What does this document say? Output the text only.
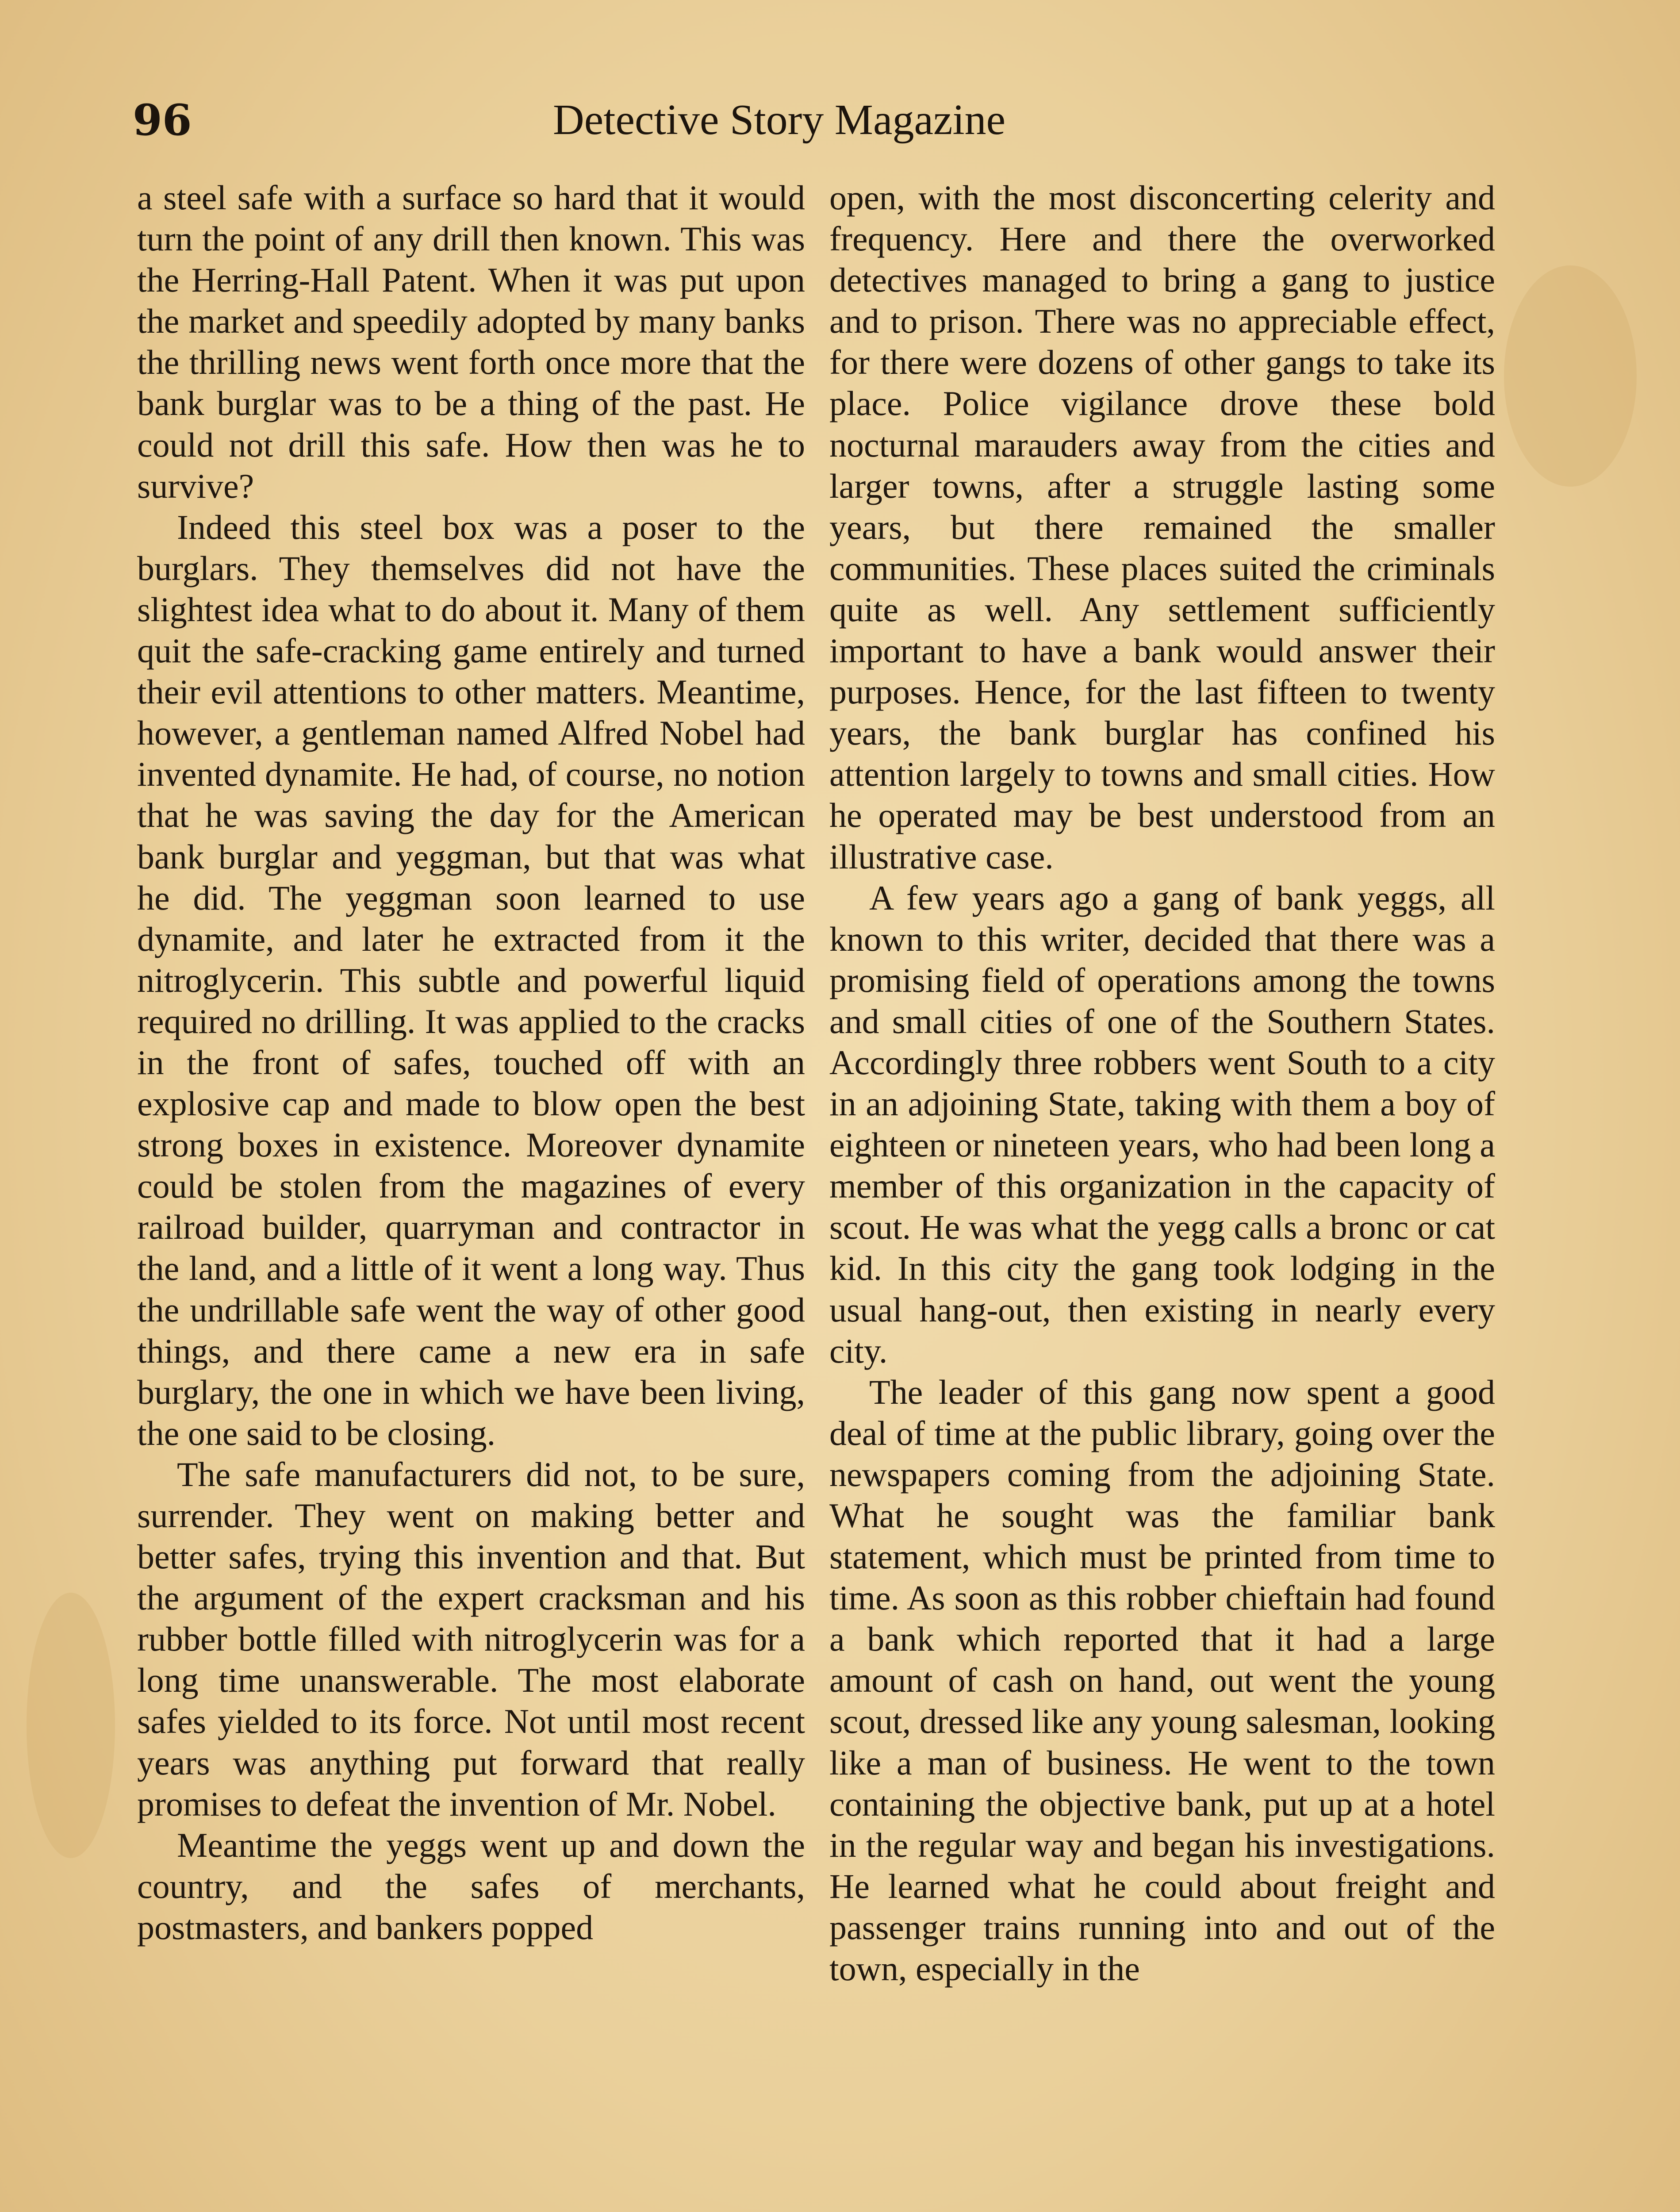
96	Detective Story Magazine

a steel safe with a surface so hard that it would turn the point of any drill then known. This was the Herring-Hall Patent. When it was put upon the market and speedily adopted by many banks the thrilling news went forth once more that the bank burglar was to be a thing of the past. He could not drill this safe. How then was he to survive?

Indeed this steel box was a poser to the burglars. They themselves did not have the slightest idea what to do about it. Many of them quit the safe-cracking game entirely and turned their evil attentions to other matters. Meantime, however, a gentleman named Alfred Nobel had invented dynamite. He had, of course, no notion that he was saving the day for the American bank burglar and yeggman, but that was what he did. The yeggman soon learned to use dynamite, and later he extracted from it the nitroglycerin. This subtle and powerful liquid required no drilling. It was applied to the cracks in the front of safes, touched off with an explosive cap and made to blow open the best strong boxes in existence. Moreover dynamite could be stolen from the magazines of every railroad builder, quarryman and contractor in the land, and a little of it went a long way. Thus the undrillable safe went the way of other good things, and there came a new era in safe burglary, the one in which we have been living, the one said to be closing.

The safe manufacturers did not, to be sure, surrender. They went on making better and better safes, trying this invention and that. But the argument of the expert cracksman and his rubber bottle filled with nitroglycerin was for a long time unanswerable. The most elaborate safes yielded to its force. Not until most recent years was anything put forward that really promises to defeat the invention of Mr. Nobel.

Meantime the yeggs went up and down the country, and the safes of merchants, postmasters, and bankers popped

open, with the most disconcerting celerity and frequency. Here and there the overworked detectives managed to bring a gang to justice and to prison. There was no appreciable effect, for there were dozens of other gangs to take its place. Police vigilance drove these bold nocturnal marauders away from the cities and larger towns, after a struggle lasting some years, but there remained the smaller communities. These places suited the criminals quite as well. Any settlement sufficiently important to have a bank would answer their purposes. Hence, for the last fifteen to twenty years, the bank burglar has confined his attention largely to towns and small cities. How he operated may be best understood from an illustrative case.

A few years ago a gang of bank yeggs, all known to this writer, decided that there was a promising field of operations among the towns and small cities of one of the Southern States. Accordingly three robbers went South to a city in an adjoining State, taking with them a boy of eighteen or nineteen years, who had been long a member of this organization in the capacity of scout. He was what the yegg calls a bronc or cat kid. In this city the gang took lodging in the usual hang-out, then existing in nearly every city.

The leader of this gang now spent a good deal of time at the public library, going over the newspapers coming from the adjoining State. What he sought was the familiar bank statement, which must be printed from time to time. As soon as this robber chieftain had found a bank which reported that it had a large amount of cash on hand, out went the young scout, dressed like any young salesman, looking like a man of business. He went to the town containing the objective bank, put up at a hotel in the regular way and began his investigations. He learned what he could about freight and passenger trains running into and out of the town, especially in the
